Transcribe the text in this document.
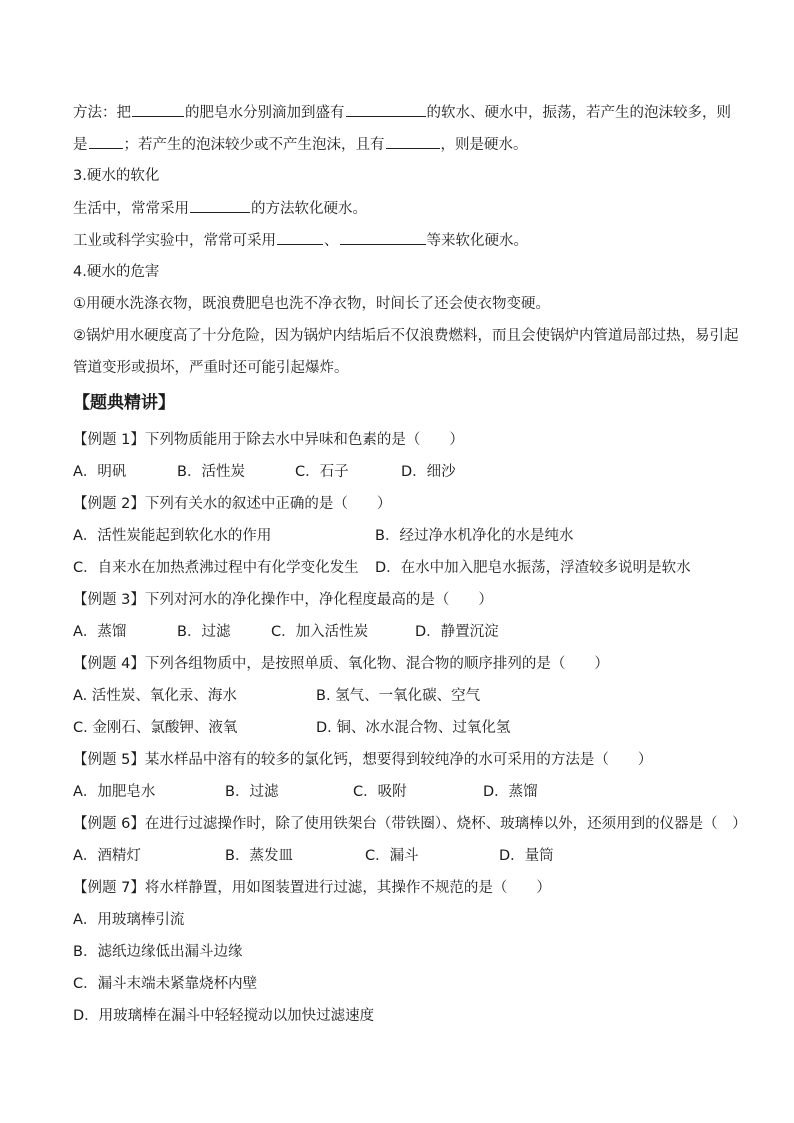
方法：把	的肥皂水分别滴加到盛有	的软水、硬水中，振荡，若产生的泡沫较多，则
是 ；若产生的泡沫较少或不产生泡沫，且有	，则是硬水。
3.硬水的软化
生活中，常常采用	的方法软化硬水。
工业或科学实验中，常常可采用	、	等来软化硬水。
4.硬水的危害
①用硬水洗涤衣物，既浪费肥皂也洗不净衣物，时间长了还会使衣物变硬。
②锅炉用水硬度高了十分危险，因为锅炉内结垢后不仅浪费燃料，而且会使锅炉内管道局部过热，易引起
管道变形或损坏，严重时还可能引起爆炸。
【题典精讲】
【例题 1】下列物质能用于除去水中异味和色素的是（　　）
A．明矾	B．活性炭	C．石子	D．细沙
【例题 2】下列有关水的叙述中正确的是（　　）
A．活性炭能起到软化水的作用	B．经过净水机净化的水是纯水
C．自来水在加热煮沸过程中有化学变化发生 D．在水中加入肥皂水振荡，浮渣较多说明是软水
【例题 3】下列对河水的净化操作中，净化程度最高的是（　　）
A．蒸馏	B．过滤	C．加入活性炭	D．静置沉淀
【例题 4】下列各组物质中，是按照单质、氧化物、混合物的顺序排列的是（　　）
A. 活性炭、氧化汞、海水	B. 氢气、一氧化碳、空气
C. 金刚石、氯酸钾、液氧	D. 铜、冰水混合物、过氧化氢
【例题 5】某水样品中溶有的较多的氯化钙，想要得到较纯净的水可采用的方法是（　　）
A．加肥皂水	B．过滤	C．吸附	D．蒸馏
【例题 6】在进行过滤操作时，除了使用铁架台（带铁圈）、烧杯、玻璃棒以外，还须用到的仪器是（　）
A．酒精灯	B．蒸发皿	C．漏斗	D．量筒
【例题 7】将水样静置，用如图装置进行过滤，其操作不规范的是（　　）
A．用玻璃棒引流
B．滤纸边缘低出漏斗边缘
C．漏斗末端未紧靠烧杯内壁
D．用玻璃棒在漏斗中轻轻搅动以加快过滤速度
